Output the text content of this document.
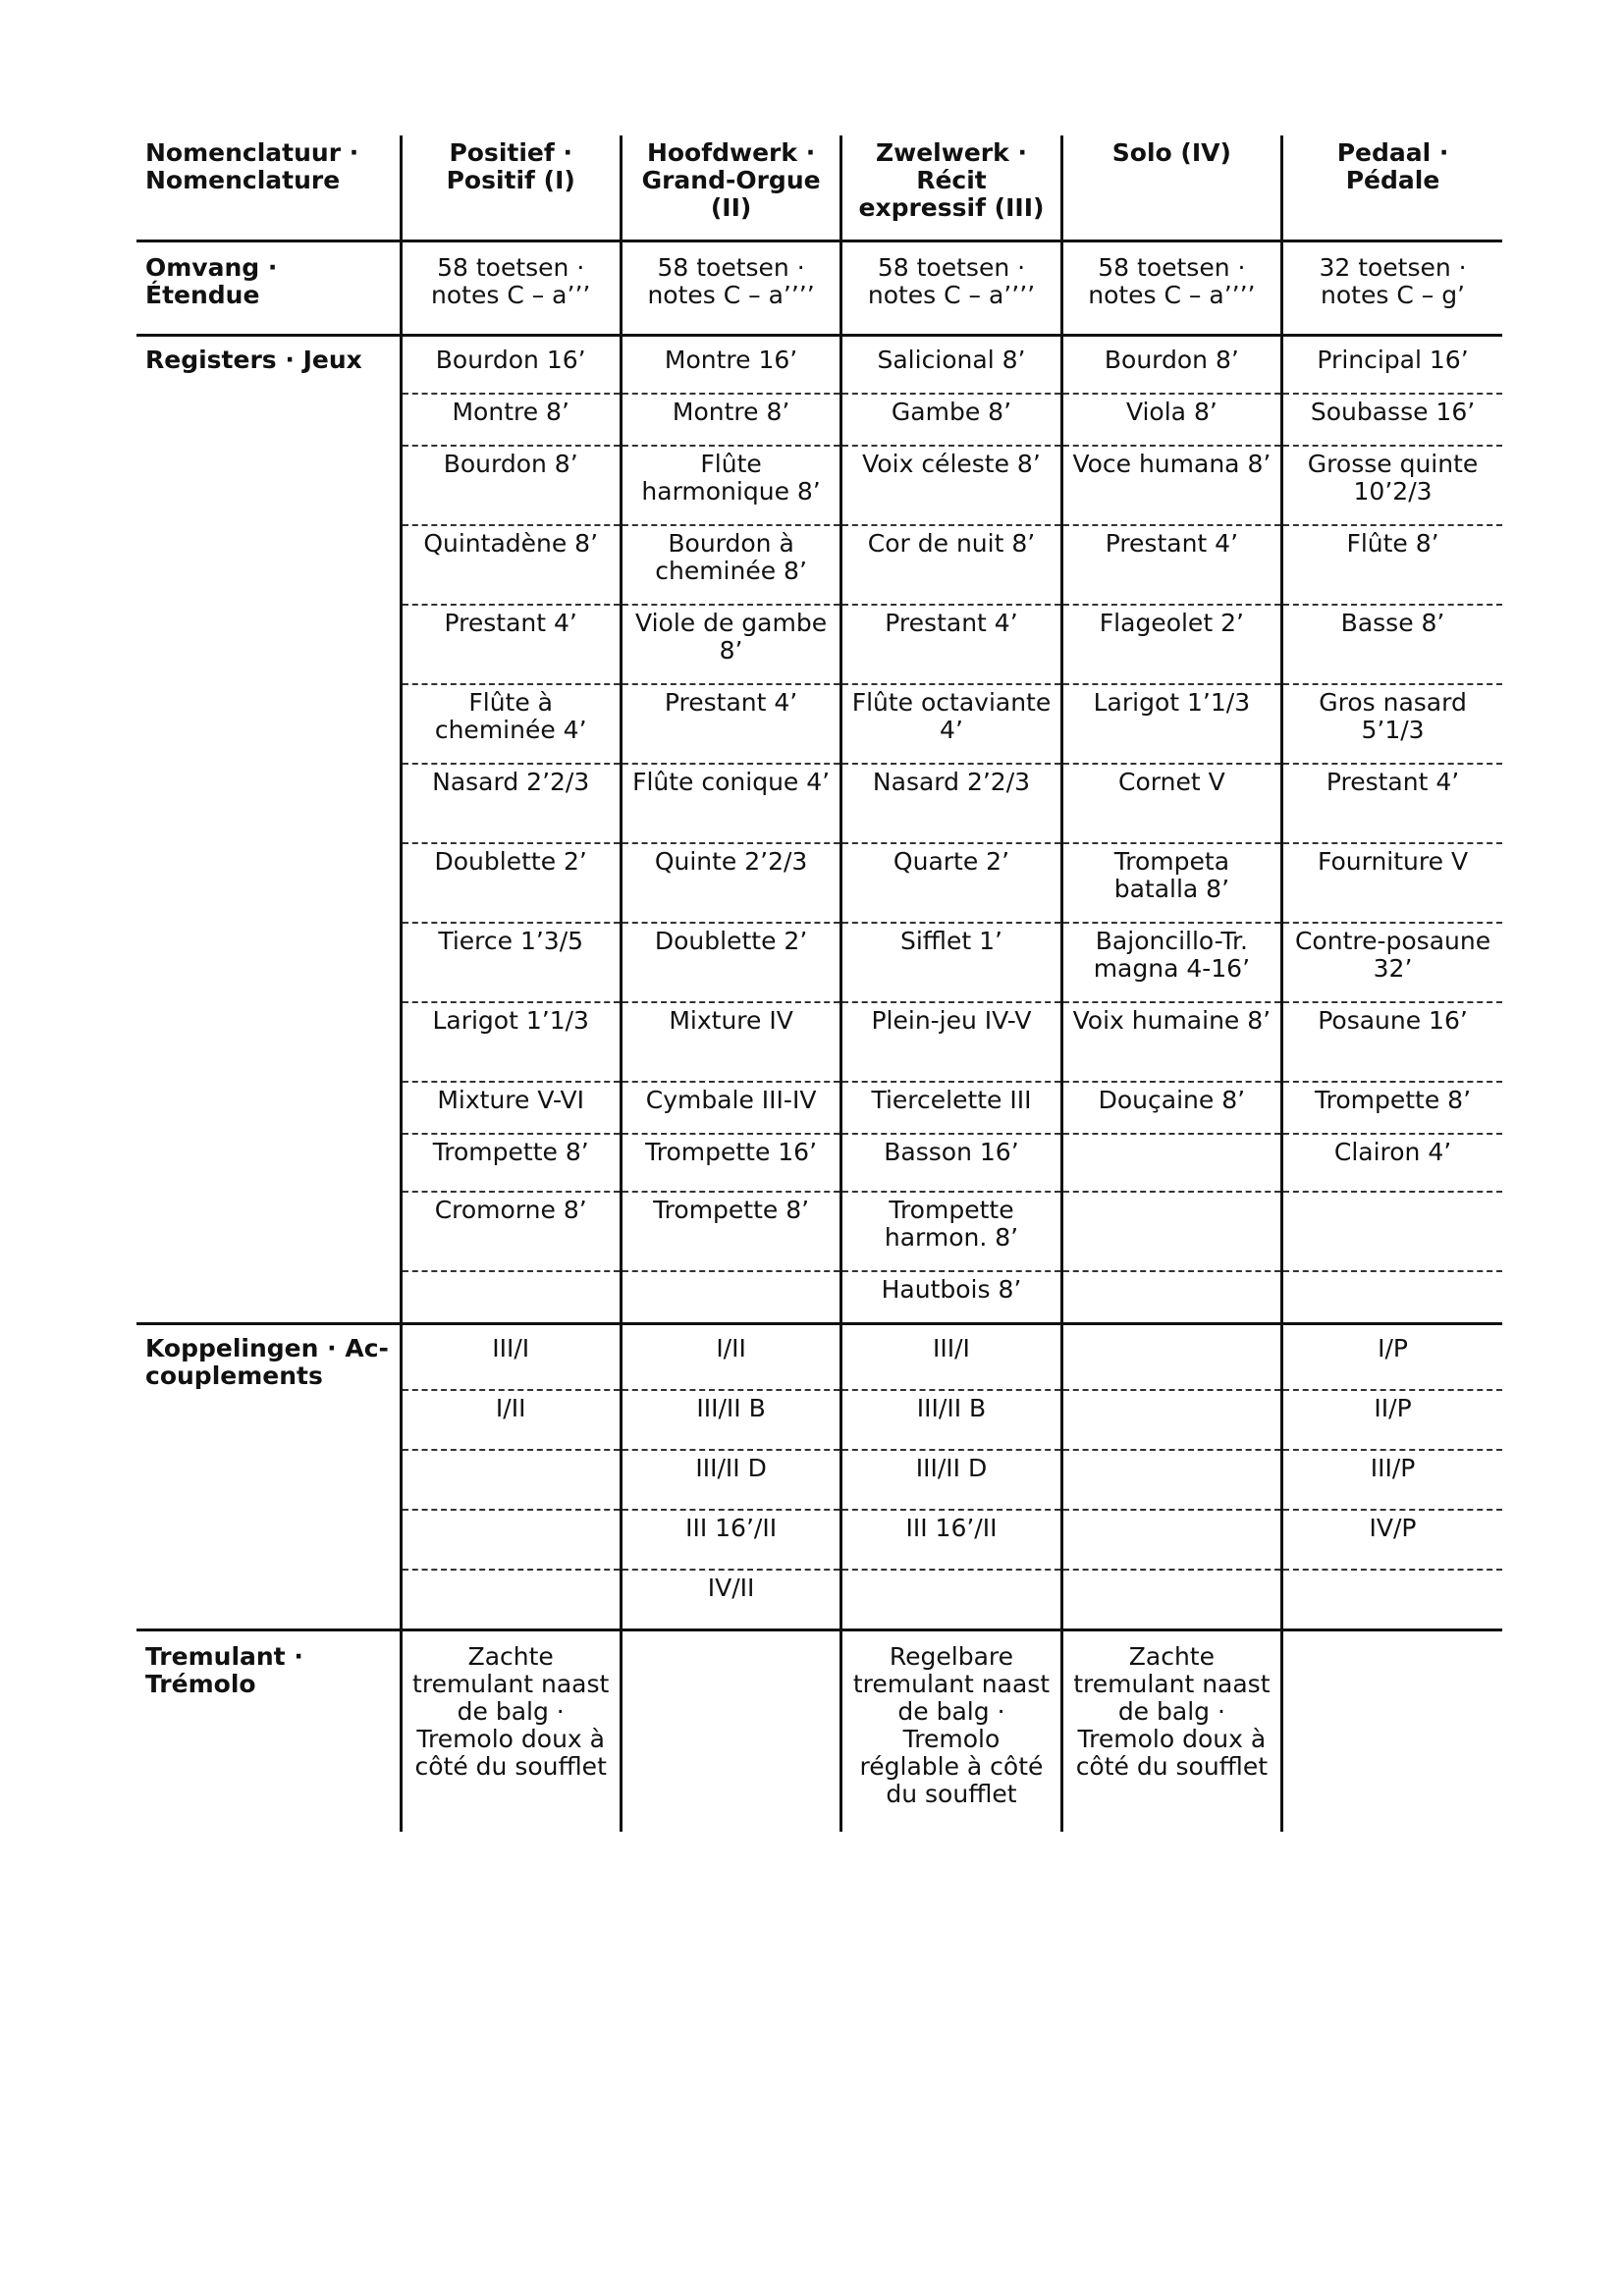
Nomenclatuur · Nomenclature	Positief · Positif (I)	Hoofdwerk · Grand-Orgue (II)	Zwelwerk · Récit expressif (III)	Solo (IV)	Pedaal · Pédale
Omvang · Étendue	58 toetsen · notes C – a’’’	58 toetsen · notes C – a’’’’	58 toetsen · notes C – a’’’’	58 toetsen · notes C – a’’’’	32 toetsen · notes C – g’
Registers · Jeux	Bourdon 16’	Montre 16’	Salicional 8’	Bourdon 8’	Principal 16’
	Montre 8’	Montre 8’	Gambe 8’	Viola 8’	Soubasse 16’
	Bourdon 8’	Flûte harmonique 8’	Voix céleste 8’	Voce humana 8’	Grosse quinte 10’2/3
	Quintadène 8’	Bourdon à cheminée 8’	Cor de nuit 8’	Prestant 4’	Flûte 8’
	Prestant 4’	Viole de gambe 8’	Prestant 4’	Flageolet 2’	Basse 8’
	Flûte à cheminée 4’	Prestant 4’	Flûte octaviante 4’	Larigot 1’1/3	Gros nasard 5’1/3
	Nasard 2’2/3	Flûte conique 4’	Nasard 2’2/3	Cornet V	Prestant 4’
	Doublette 2’	Quinte 2’2/3	Quarte 2’	Trompeta batalla 8’	Fourniture V
	Tierce 1’3/5	Doublette 2’	Sifflet 1’	Bajoncillo-Tr. magna 4-16’	Contre-posaune 32’
	Larigot 1’1/3	Mixture IV	Plein-jeu IV-V	Voix humaine 8’	Posaune 16’
	Mixture V-VI	Cymbale III-IV	Tiercelette III	Douçaine 8’	Trompette 8’
	Trompette 8’	Trompette 16’	Basson 16’		Clairon 4’
	Cromorne 8’	Trompette 8’	Trompette harmon. 8’		
			Hautbois 8’		
Koppelingen · Ac-couplements	III/I	I/II	III/I		I/P
	I/II	III/II B	III/II B		II/P
		III/II D	III/II D		III/P
		III 16’/II	III 16’/II		IV/P
		IV/II			
Tremulant · Trémolo	Zachte tremulant naast de balg · Tremolo doux à côté du soufflet		Regelbare tremulant naast de balg · Tremolo réglable à côté du soufflet	Zachte tremulant naast de balg · Tremolo doux à côté du soufflet	
